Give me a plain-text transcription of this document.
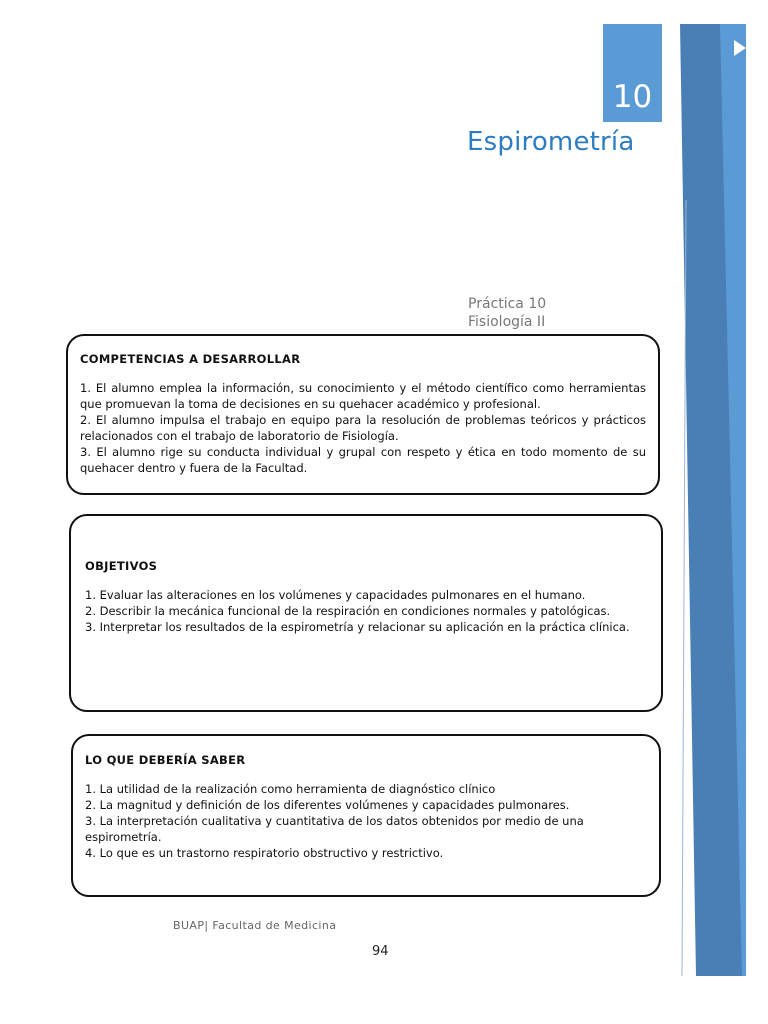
10
Espirometría
Práctica 10
Fisiología II
COMPETENCIAS A DESARROLLAR

1. El alumno emplea la información, su conocimiento y el método científico como herramientas que promuevan la toma de decisiones en su quehacer académico y profesional.

2. El alumno impulsa el trabajo en equipo para la resolución de problemas teóricos y prácticos relacionados con el trabajo de laboratorio de Fisiología.

3. El alumno rige su conducta individual y grupal con respeto y ética en todo momento de su quehacer dentro y fuera de la Facultad.

OBJETIVOS

1. Evaluar las alteraciones en los volúmenes y capacidades pulmonares en el humano.

2. Describir la mecánica funcional de la respiración en condiciones normales y patológicas.

3. Interpretar los resultados de la espirometría y relacionar su aplicación en la práctica clínica.

LO QUE DEBERÍA SABER

1. La utilidad de la realización como herramienta de diagnóstico clínico

2. La magnitud y definición de los diferentes volúmenes y capacidades pulmonares.

3. La interpretación cualitativa y cuantitativa de los datos obtenidos por medio de una espirometría.

4. Lo que es un trastorno respiratorio obstructivo y restrictivo.

BUAP| Facultad de Medicina
94
